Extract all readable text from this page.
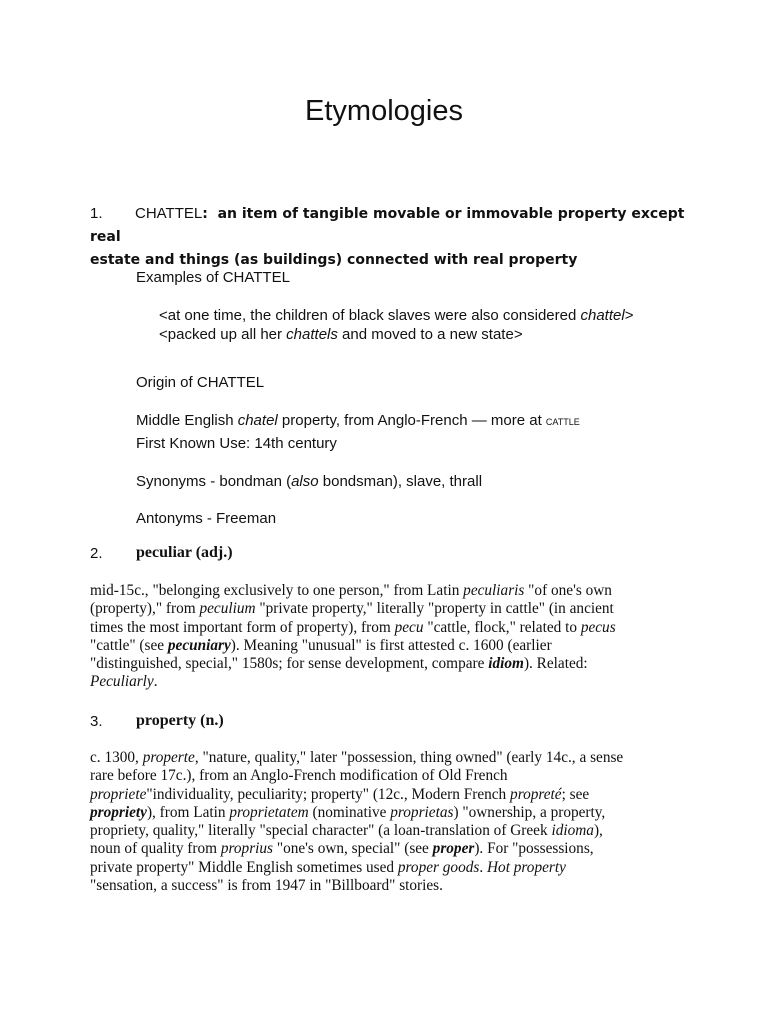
Etymologies
1.	CHATTEL:  an item of tangible movable or immovable property except real
estate and things (as buildings) connected with real property
Examples of CHATTEL
<at one time, the children of black slaves were also considered chattel>
<packed up all her chattels and moved to a new state>
Origin of CHATTEL
Middle English chatel property, from Anglo-French — more at cattle
First Known Use: 14th century
Synonyms - bondman (also bondsman), slave, thrall
Antonyms - Freeman
2. peculiar (adj.)
mid-15c., "belonging exclusively to one person," from Latin peculiaris "of one's own
(property)," from peculium "private property," literally "property in cattle" (in ancient
times the most important form of property), from pecu "cattle, flock," related to pecus
"cattle" (see pecuniary). Meaning "unusual" is first attested c. 1600 (earlier
"distinguished, special," 1580s; for sense development, compare idiom). Related:
Peculiarly.
3. property (n.)
c. 1300, properte, "nature, quality," later "possession, thing owned" (early 14c., a sense
rare before 17c.), from an Anglo-French modification of Old French
propriete"individuality, peculiarity; property" (12c., Modern French propreté; see
propriety), from Latin proprietatem (nominative proprietas) "ownership, a property,
propriety, quality," literally "special character" (a loan-translation of Greek idioma),
noun of quality from proprius "one's own, special" (see proper). For "possessions,
private property" Middle English sometimes used proper goods. Hot property
"sensation, a success" is from 1947 in "Billboard" stories.
